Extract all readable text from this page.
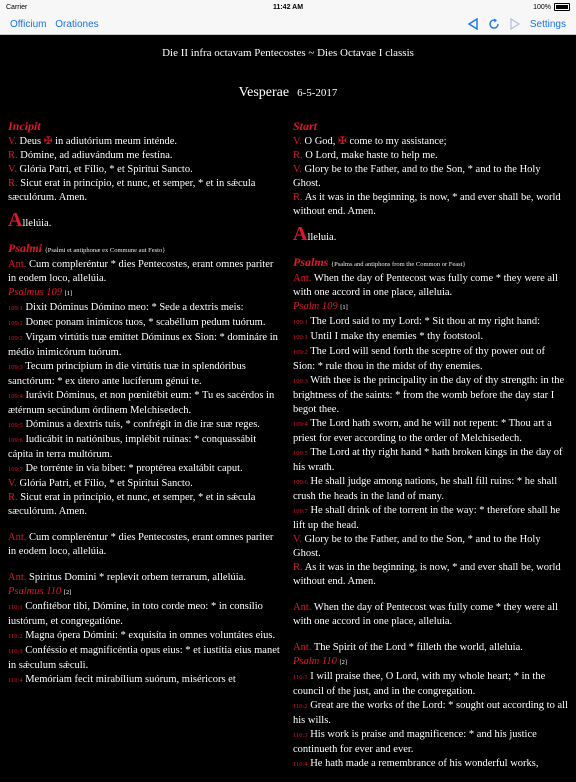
Carrier	11:42 AM	100%
Officium Orationes	Settings
Die II infra octavam Pentecostes ~ Dies Octavae I classis
Vesperae 6-5-2017
Incipit

V. Deus ✠ in adiutórium meum inténde.

R. Dómine, ad adiuvándum me festína.

V. Glória Patri, et Fílio, * et Spirítui Sancto.

R. Sicut erat in princípio, et nunc, et semper, * et in sǽcula sæculórum. Amen.

Allelúia.
Psalmi {Psalmi et antiphonæ ex Commune aut Festo}

Ant. Cum compleréntur * dies Pentecostes, erant omnes pariter in eodem loco, allelúia.

Psalmus 109 [1]

109:1 Dixit Dóminus Dómino meo: * Sede a dextris meis:

109:1 Donec ponam inimícos tuos, * scabéllum pedum tuórum.

109:2 Virgam virtútis tuæ emíttet Dóminus ex Sion: * domináre in médio inimicórum tuórum.

109:3 Tecum princípium in die virtútis tuæ in splendóribus sanctórum: * ex útero ante lucíferum génui te.

109:4 Iurávit Dóminus, et non pœnitébit eum: * Tu es sacérdos in ætérnum secúndum órdinem Melchísedech.

109:5 Dóminus a dextris tuis, * confrégit in die iræ suæ reges.

109:6 Iudicábit in natiónibus, implébit ruínas: * conquassábit cápita in terra multórum.

109:7 De torrénte in via bibet: * proptérea exaltábit caput.

V. Glória Patri, et Fílio, * et Spirítui Sancto.

R. Sicut erat in princípio, et nunc, et semper, * et in sǽcula sæculórum. Amen.

Ant. Cum compleréntur * dies Pentecostes, erant omnes pariter in eodem loco, allelúia.

Ant. Spiritus Domini * replevit orbem terrarum, allelúia.

Psalmus 110 [2]

110:1 Confitébor tibi, Dómine, in toto corde meo: * in consílio iustórum, et congregatióne.

110:2 Magna ópera Dómini: * exquisíta in omnes voluntátes eius.

110:3 Conféssio et magnificéntia opus eius: * et iustítia eius manet in sǽculum sǽculi.

110:4 Memóriam fecit mirabílium suórum, miséricors et

Start

V. O God, ✠ come to my assistance;

R. O Lord, make haste to help me.

V. Glory be to the Father, and to the Son, * and to the Holy Ghost.

R. As it was in the beginning, is now, * and ever shall be, world without end. Amen.

Alleluia.
Psalms {Psalms and antiphons from the Common or Feast}

Ant. When the day of Pentecost was fully come * they were all with one accord in one place, alleluia.

Psalm 109 [1]

109:1 The Lord said to my Lord: * Sit thou at my right hand:

109:1 Until I make thy enemies * thy footstool.

109:2 The Lord will send forth the sceptre of thy power out of Sion: * rule thou in the midst of thy enemies.

109:3 With thee is the principality in the day of thy strength: in the brightness of the saints: * from the womb before the day star I begot thee.

109:4 The Lord hath sworn, and he will not repent: * Thou art a priest for ever according to the order of Melchisedech.

109:5 The Lord at thy right hand * hath broken kings in the day of his wrath.

109:6 He shall judge among nations, he shall fill ruins: * he shall crush the heads in the land of many.

109:7 He shall drink of the torrent in the way: * therefore shall he lift up the head.

V. Glory be to the Father, and to the Son, * and to the Holy Ghost.

R. As it was in the beginning, is now, * and ever shall be, world without end. Amen.

Ant. When the day of Pentecost was fully come * they were all with one accord in one place, alleluia.

Ant. The Spirit of the Lord * filleth the world, alleluia.

Psalm 110 [2]

110:1 I will praise thee, O Lord, with my whole heart; * in the council of the just, and in the congregation.

110:2 Great are the works of the Lord: * sought out according to all his wills.

110:3 His work is praise and magnificence: * and his justice continueth for ever and ever.

110:4 He hath made a remembrance of his wonderful works,
